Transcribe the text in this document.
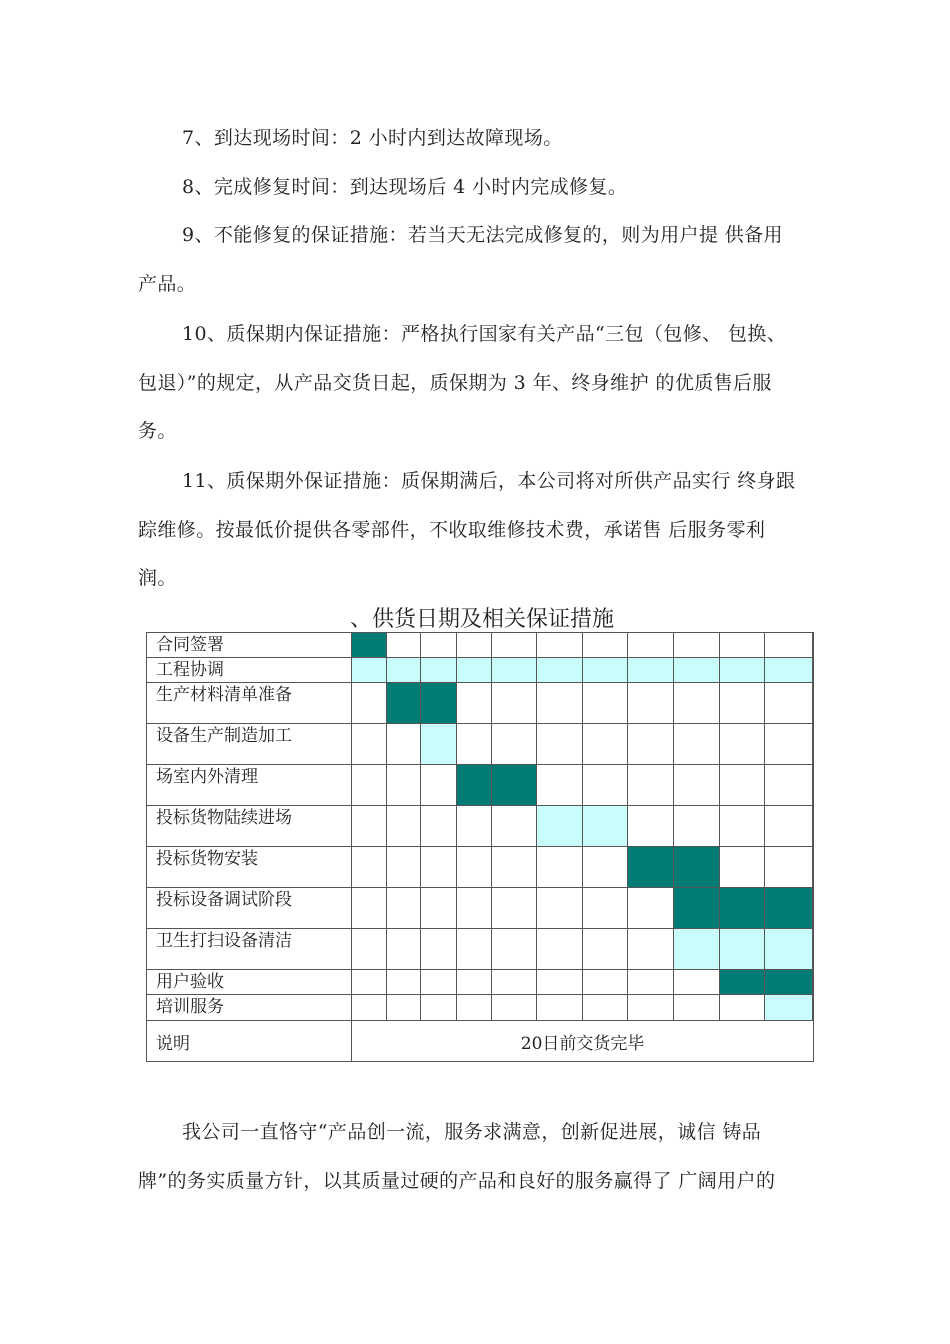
7、到达现场时间：2 小时内到达故障现场。
8、完成修复时间：到达现场后 4 小时内完成修复。
9、不能修复的保证措施：若当天无法完成修复的，则为用户提 供备用
产品。
10、质保期内保证措施：严格执行国家有关产品“三包（包修、 包换、
包退）”的规定，从产品交货日起，质保期为 3 年、终身维护 的优质售后服
务。
11、质保期外保证措施：质保期满后，本公司将对所供产品实行 终身跟
踪维修。按最低价提供各零部件，不收取维修技术费，承诺售 后服务零利
润。
、供货日期及相关保证措施
合同签署												
工程协调												
生产材料清单准备												
设备生产制造加工												
场室内外清理												
投标货物陆续进场												
投标货物安装												
投标设备调试阶段												
卫生打扫设备清洁												
用户验收												
培训服务												
说明	20日前交货完毕											
我公司一直恪守“产品创一流，服务求满意，创新促进展，诚信 铸品
牌”的务实质量方针，以其质量过硬的产品和良好的服务赢得了 广阔用户的
